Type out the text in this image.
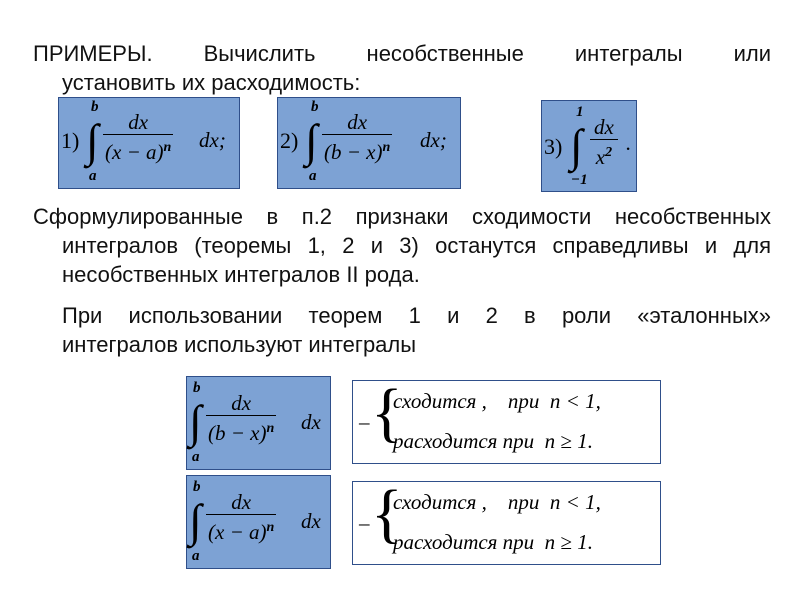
ПРИМЕРЫ. Вычислить несобственные интегралы или
установить их расходимость:
1) ∫
b
a
dx
$(x - a)^n$ dx; 2) ∫
b
a
dx
$(b - x)^n$ dx;	3) ∫
1
−1
dx
$x^2$ .
Сформулированные в п.2 признаки сходимости несобственных
интегралов (теоремы 1, 2 и 3) останутся справедливы и для
несобственных интегралов II рода.
При использовании теорем 1 и 2 в роли «эталонных»
интегралов используют интегралы
∫
b
a
dx
$(b - x)^n$ dx – {
сходится ,    при  n < 1,
расходится при  n ≥ 1.
∫
b
a
dx
$(x - a)^n$ dx – {
сходится ,    при  n < 1,
расходится при  n ≥ 1.
